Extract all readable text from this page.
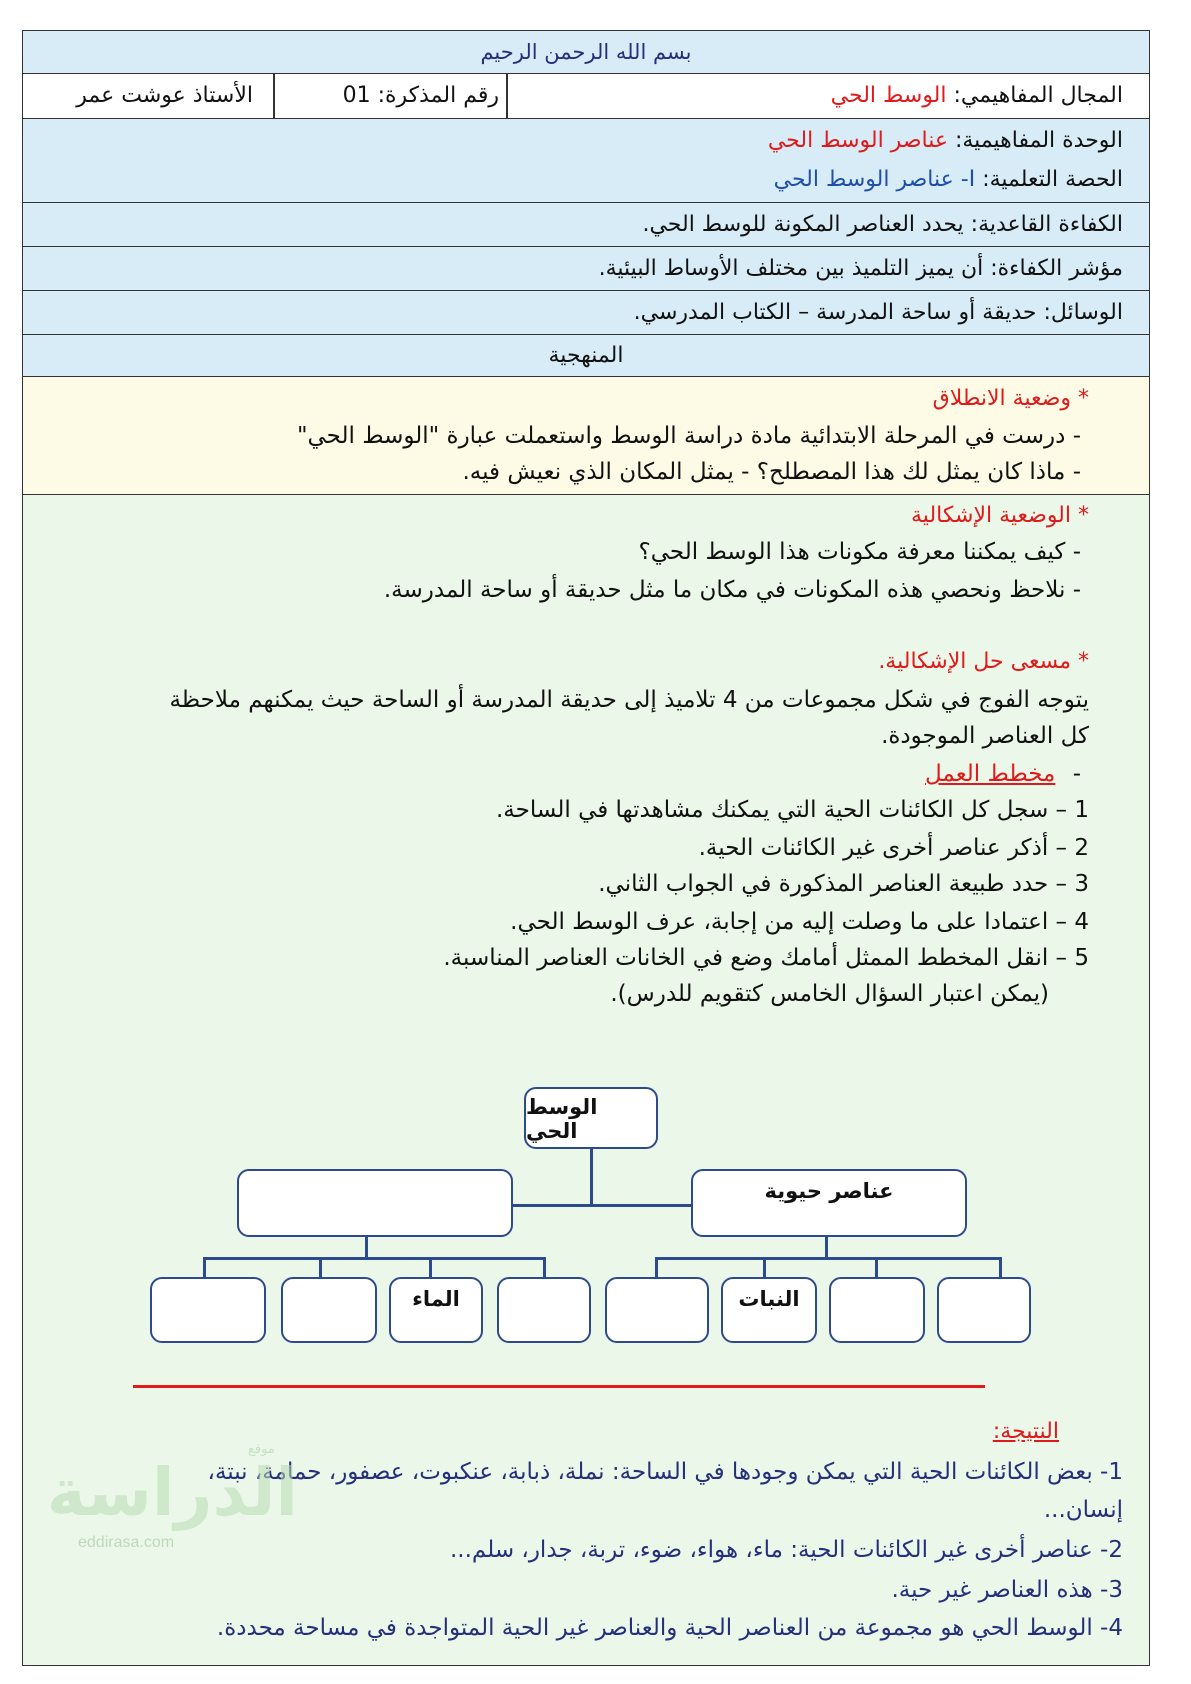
بسم الله الرحمن الرحيم
المجال المفاهيمي: الوسط الحي
رقم المذكرة: 01
الأستاذ عوشت عمر
الوحدة المفاهيمية: عناصر الوسط الحي
الحصة التعلمية: I- عناصر الوسط الحي
الكفاءة القاعدية: يحدد العناصر المكونة للوسط الحي.
مؤشر الكفاءة: أن يميز التلميذ بين مختلف الأوساط البيئية.
الوسائل: حديقة أو ساحة المدرسة – الكتاب المدرسي.
المنهجية
* وضعية الانطلاق
- درست في المرحلة الابتدائية مادة دراسة الوسط واستعملت عبارة "الوسط الحي"
- ماذا كان يمثل لك هذا المصطلح؟ - يمثل المكان الذي نعيش فيه.
* الوضعية الإشكالية
- كيف يمكننا معرفة مكونات هذا الوسط الحي؟
- نلاحظ ونحصي هذه المكونات في مكان ما مثل حديقة أو ساحة المدرسة.
* مسعى حل الإشكالية.
يتوجه الفوج في شكل مجموعات من 4 تلاميذ إلى حديقة المدرسة أو الساحة حيث يمكنهم ملاحظة
كل العناصر الموجودة.
- مخطط العمل
1 – سجل كل الكائنات الحية التي يمكنك مشاهدتها في الساحة.
2 – أذكر عناصر أخرى غير الكائنات الحية.
3 – حدد طبيعة العناصر المذكورة في الجواب الثاني.
4 – اعتمادا على ما وصلت إليه من إجابة، عرف الوسط الحي.
5 – انقل المخطط الممثل أمامك وضع في الخانات العناصر المناسبة.
(يمكن اعتبار السؤال الخامس كتقويم للدرس).
الوسط الحي
عناصر حيوية
الماء	النبات
النتيجة:
1- بعض الكائنات الحية التي يمكن وجودها في الساحة: نملة، ذبابة، عنكبوت، عصفور، حمامة، نبتة،
إنسان...
2- عناصر أخرى غير الكائنات الحية: ماء، هواء، ضوء، تربة، جدار، سلم...
3- هذه العناصر غير حية.
4- الوسط الحي هو مجموعة من العناصر الحية والعناصر غير الحية المتواجدة في مساحة محددة.
موقع
الدراسة
eddirasa.com
